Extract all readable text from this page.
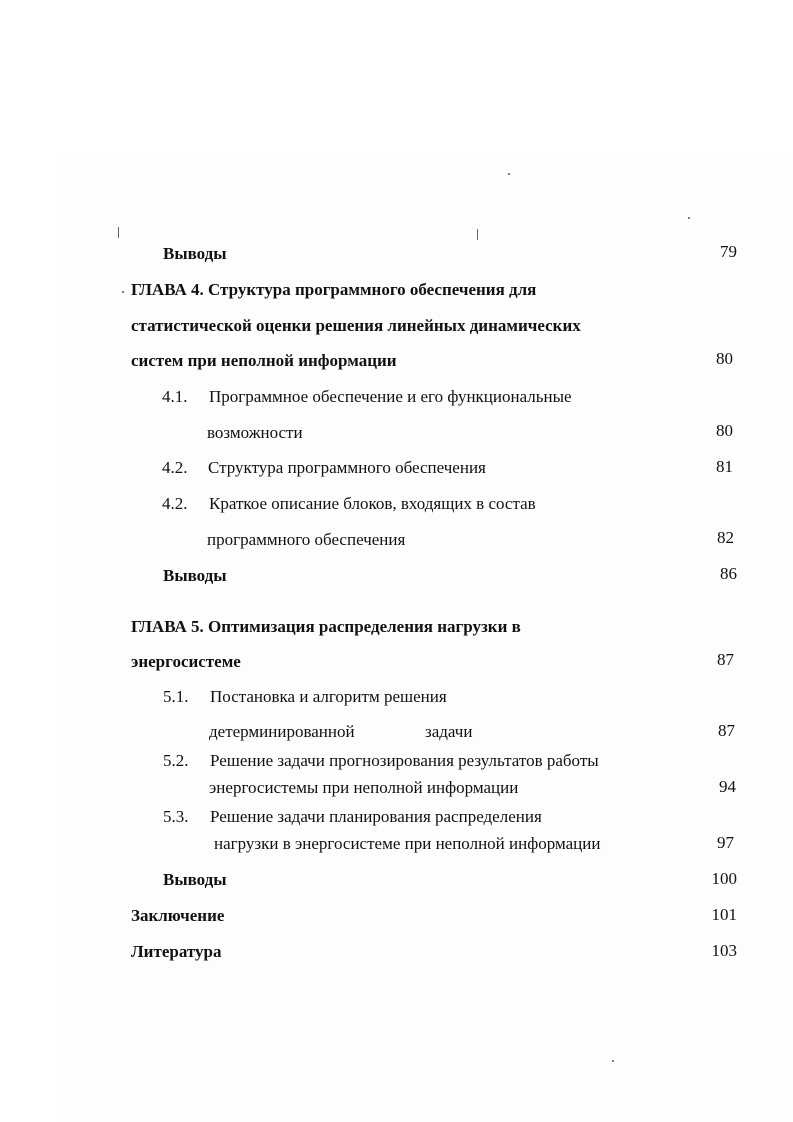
ǀ	ǀ
Выводы	79
ГЛАВА 4. Структура программного обеспечения для
статистической оценки решения линейных динамических
систем при неполной информации	80
4.1. Программное обеспечение и его функциональные
возможности	80
4.2. Структура программного обеспечения	81
4.2. Краткое описание блоков, входящих в состав
программного обеспечения	82
Выводы	86
ГЛАВА 5. Оптимизация распределения нагрузки в
энергосистеме	87
5.1. Постановка и алгоритм решения
детерминированной	задачи	87
5.2. Решение задачи прогнозирования результатов работы
энергосистемы при неполной информации	94
5.3. Решение задачи планирования распределения
нагрузки в энергосистеме при неполной информации	97
Выводы	100
Заключение	101
Литература	103
